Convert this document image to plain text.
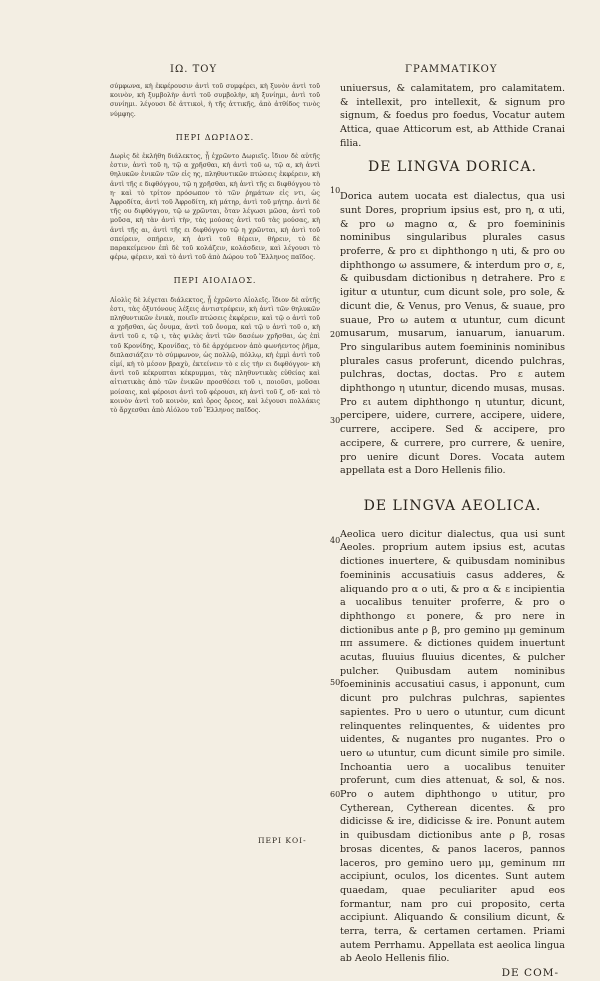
ΙΩ. ΤΟΥ	ΓΡΑΜΜΑΤΙΚΟΥ

σύμφωνα, κὴ ἐκφέρουσιν ἀντὶ τοῦ συμφέρει, κὴ ξυνὸν ἀντὶ τοῦ κοινὸν, κὴ ξυμβολὴν ἀντὶ τοῦ συμβολὴν, κὴ ξυνίημι, ἀντὶ τοῦ συνίημι. λέγουσι δὲ ἀττικοὶ, ἡ τῆς ἀττικῆς, ἀπὸ ἀτθίδος τινὸς νύμφης.

ΠΕΡΙ ΔΩΡΙΔΟΣ.

Δωρὶς δὲ ἐκλήθη διάλεκτος, ᾗ ἐχρῶντο Δωριεῖς. ἴδιον δὲ αὐτῆς ἐστιν, ἀντὶ τοῦ η, τῷ α χρῆσθαι, κὴ ἀντὶ τοῦ ω, τῷ α, κὴ ἀντὶ θηλυκῶν ἑνικῶν τῶν εἰς ης, πληθυντικῶν πτώσεις ἐκφέρειν, κὴ ἀντὶ τῆς ε διφθόγγου, τῷ η χρῆσθαι, κὴ ἀντὶ τῆς ει διφθόγγου τὸ η· καὶ τὸ τρίτον πρόσωπον τὸ τῶν ῥημάτων εἰς ντι, ὡς Ἀφροδίτα, ἀντὶ τοῦ Ἀφροδίτη, κὴ μάτηρ, ἀντὶ τοῦ μήτηρ. ἀντὶ δὲ τῆς ου διφθόγγου, τῷ ω χρῶνται, ὅταν λέγωσι μῶσα, ἀντὶ τοῦ μοῦσα, κὴ τὰν ἀντὶ τὴν, τὰς μούσας ἀντὶ τοῦ τὰς μούσας, κὴ ἀντὶ τῆς αι, ἀντὶ τῆς ει διφθόγγου τῷ η χρῶνται, κὴ ἀντὶ τοῦ σπείρειν, σπήρειν, κὴ ἀντὶ τοῦ θέρειν, θήρειν, τὸ δὲ παρακείμενον ἐπὶ δὲ τοῦ κολάζειν, κολάσδειν, καὶ λέγουσι τὸ φέρω, φέρειν, καὶ τὸ ἀντὶ τοῦ ἀπὸ Δώρου τοῦ Ἕλληνος παῖδος.

ΠΕΡΙ ΑΙΟΛΙΔΟΣ.

Αἰολὶς δὲ λέγεται διάλεκτος, ᾗ ἐχρῶντο Αἰολεῖς. ἴδιον δὲ αὐτῆς ἐστι, τὰς ὀξυτόνους λέξεις ἀντιστρέφειν, κὴ ἀντὶ τῶν θηλυκῶν πληθυντικῶν ἐνικὰ, ποιεῖν πτώσεις ἐκφέρειν, καὶ τῷ ο ἀντὶ τοῦ α χρῆσθαι, ὡς ὄνυμα, ἀντὶ τοῦ ὄνομα, καὶ τῷ υ ἀντὶ τοῦ ο, κὴ ἀντὶ τοῦ ε, τῷ ι, τὰς ψιλὰς ἀντὶ τῶν δασέων χρῆσθαι, ὡς ἐπὶ τοῦ Κρονίδης, Κρονίδας, τὸ δὲ ἀρχόμενον ἀπὸ φωνήεντος ῥῆμα, διπλασιάζειν τὸ σύμφωνον, ὡς πολλῷ, πόλλῳ, κὴ ἐμμὶ ἀντὶ τοῦ εἰμί, κὴ τὸ μέσον βραχὺ, ἐκτείνειν τὸ ε εἰς τὴν ει διφθόγγον· κὴ ἀντὶ τοῦ κέκρυπται κέκρυμμαι, τὰς πληθυντικὰς εὐθείας καὶ αἰτιατικὰς ἀπὸ τῶν ἑνικῶν προσθέσει τοῦ ι, ποιοῦσι, μοῦσαι μοίσαις, καὶ φέροισι ἀντὶ τοῦ φέρουσι, κὴ ἀντὶ τοῦ ζ, σδ· καὶ τὸ κοινὸν ἀντὶ τοῦ κοινὸν, καὶ ὄρος ὄρεος, καὶ λέγουσι πολλάκις τὸ ἄρχεσθαι ἀπὸ Αἰόλου τοῦ Ἕλληνος παῖδος.

ΠΕΡΙ ΚΟΙ-
10
20
30
40
50
60

uniuersus, & calamitatem, pro calamitatem. & intellexit, pro intellexit, & signum pro signum, & foedus pro foedus, Vocatur autem Attica, quae Atticorum est, ab Atthide Cranai filia.

DE LINGVA DORICA.

Dorica autem uocata est dialectus, qua usi sunt Dores, proprium ipsius est, pro η, α uti, & pro ω magno α, & pro foemininis nominibus singularibus plurales casus proferre, & pro ει diphthongo η uti, & pro ου diphthongo ω assumere, & interdum pro σ, ε, & quibusdam dictionibus η detrahere. Pro ε igitur α utuntur, cum dicunt sole, pro sole, & dicunt die, & Venus, pro Venus, & suaue, pro suaue, Pro ω autem α utuntur, cum dicunt musarum, musarum, ianuarum, ianuarum. Pro singularibus autem foemininis nominibus plurales casus proferunt, dicendo pulchras, pulchras, doctas, doctas. Pro ε autem diphthongo η utuntur, dicendo musas, musas. Pro ει autem diphthongo η utuntur, dicunt, percipere, uidere, currere, accipere, uidere, currere, accipere. Sed & accipere, pro accipere, & currere, pro currere, & uenire, pro uenire dicunt Dores. Vocata autem appellata est a Doro Hellenis filio.

DE LINGVA AEOLICA.

Aeolica uero dicitur dialectus, qua usi sunt Aeoles. proprium autem ipsius est, acutas dictiones inuertere, & quibusdam nominibus foemininis accusatiuis casus adderes, & aliquando pro α ο uti, & pro α & ε incipientia a uocalibus tenuiter proferre, & pro ο diphthongo ει ponere, & pro nere in dictionibus ante ρ β, pro gemino μμ geminum ππ assumere. & dictiones quidem inuertunt acutas, fluuius fluuius dicentes, & pulcher pulcher. Quibusdam autem nominibus foemininis accusatiui casus, i apponunt, cum dicunt pro pulchras pulchras, sapientes sapientes. Pro υ uero ο utuntur, cum dicunt relinquentes relinquentes, & uidentes pro uidentes, & nugantes pro nugantes. Pro ο uero ω utuntur, cum dicunt simile pro simile. Inchoantia uero a uocalibus tenuiter proferunt, cum dies attenuat, & sol, & nos. Pro ο autem diphthongo υ utitur, pro Cytherean, Cytherean dicentes. & pro didicisse & ire, didicisse & ire. Ponunt autem in quibusdam dictionibus ante ρ β, rosas brosas dicentes, & panos laceros, pannos laceros, pro gemino uero μμ, geminum ππ accipiunt, oculos, los dicentes. Sunt autem quaedam, quae peculiariter apud eos formantur, nam pro cui proposito, certa accipiunt. Aliquando & consilium dicunt, & terra, terra, & certamen certamen. Priami autem Perrhamu. Appellata est aeolica lingua ab Aeolo Hellenis filio.

DE COM-
